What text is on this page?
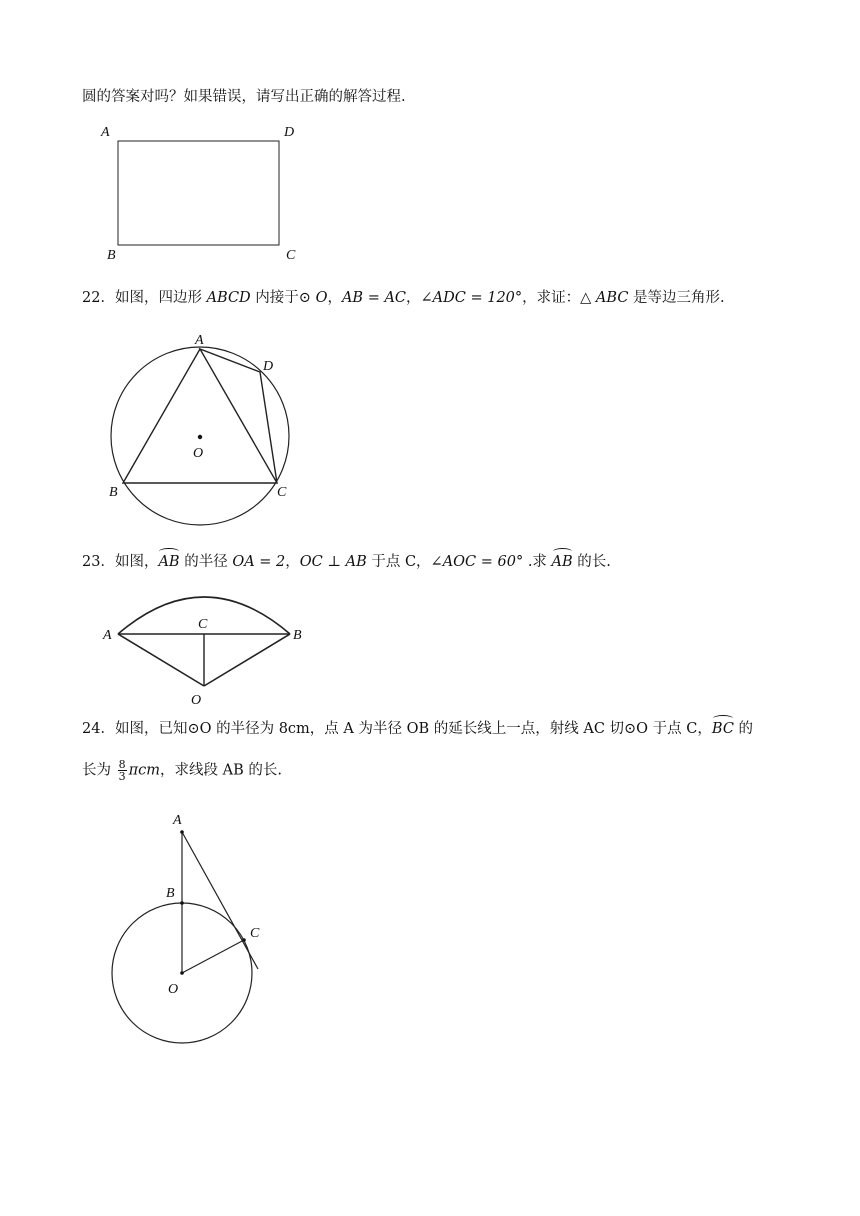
圆的答案对吗？如果错误，请写出正确的解答过程.
A	D
B	C
22．如图，四边形 ABCD 内接于⊙ O，AB = AC，∠ADC = 120°，求证：△ ABC 是等边三角形.
A
D
O
B	C
23．如图，AB 的半径 OA = 2，OC ⊥ AB 于点 C，∠AOC = 60° .求 AB 的长.
A
C
B
O
24．如图，已知⊙O 的半径为 8cm，点 A 为半径 OB 的延长线上一点，射线 AC 切⊙O 于点 C，BC 的
长为 $\frac{8}{3}$ πcm，求线段 AB 的长.
A
B
C
O
